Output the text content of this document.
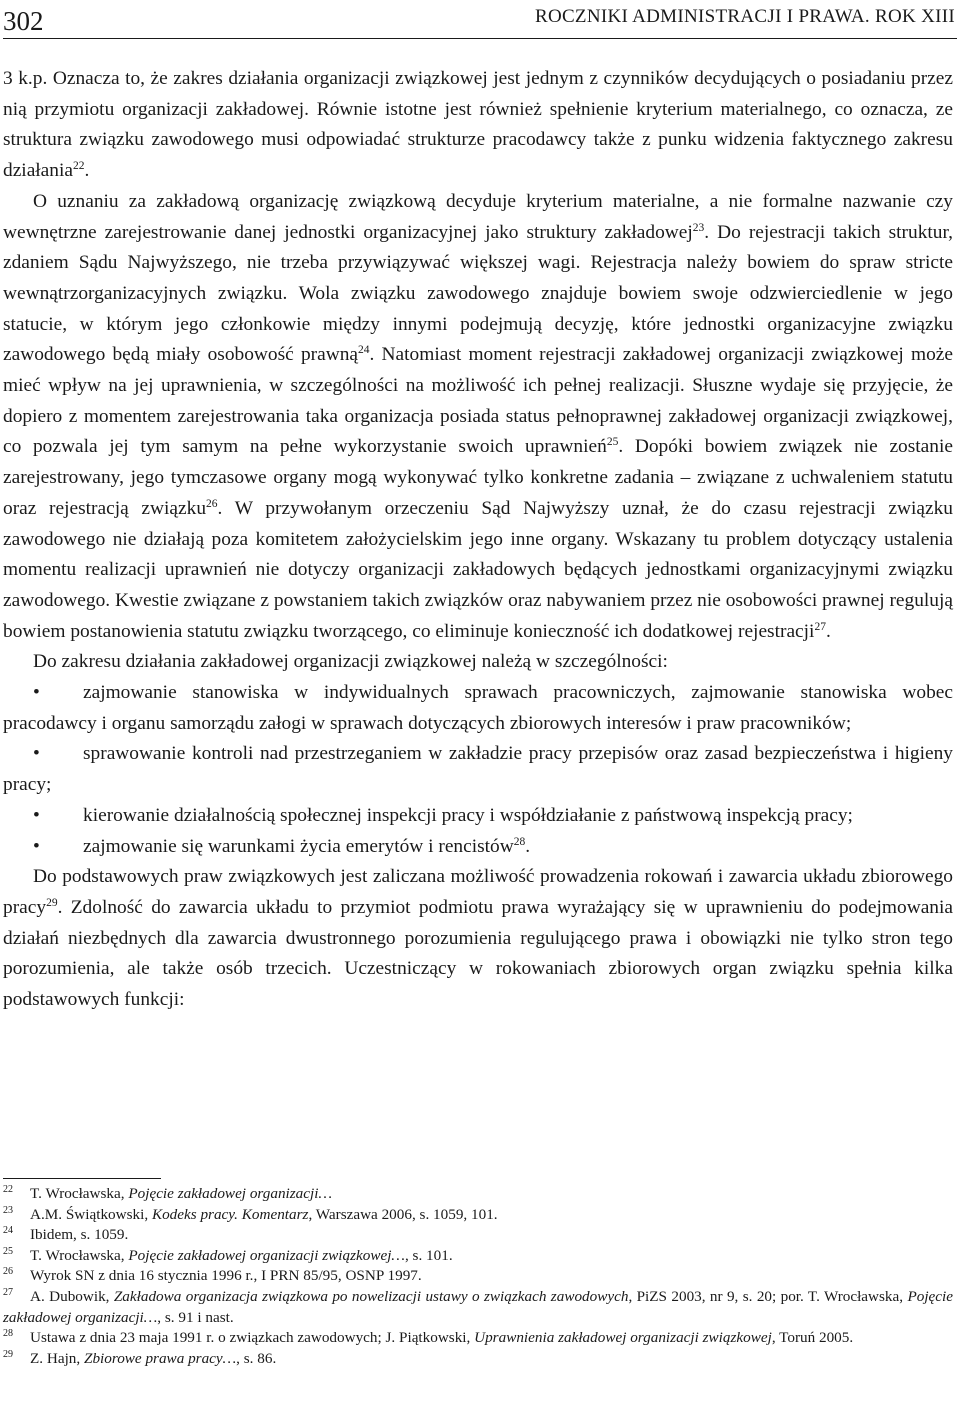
302	ROCZNIKI ADMINISTRACJI I PRAWA. ROK XIII

3 k.p. Oznacza to, że zakres działania organizacji związkowej jest jednym z czynników decydujących o posiadaniu przez nią przymiotu organizacji zakładowej. Równie istotne jest również spełnienie kryterium materialnego, co oznacza, ze struktura związku zawodowego musi odpowiadać strukturze pracodawcy także z punku widzenia faktycznego zakresu działania$^{22}$.

O uznaniu za zakładową organizację związkową decyduje kryterium materialne, a nie formalne nazwanie czy wewnętrzne zarejestrowanie danej jednostki organizacyjnej jako struktury zakładowej$^{23}$. Do rejestracji takich struktur, zdaniem Sądu Najwyższego, nie trzeba przywiązywać większej wagi. Rejestracja należy bowiem do spraw stricte wewnątrzorganizacyjnych związku. Wola związku zawodowego znajduje bowiem swoje odzwierciedlenie w jego statucie, w którym jego członkowie między innymi podejmują decyzję, które jednostki organizacyjne związku zawodowego będą miały osobowość prawną$^{24}$. Natomiast moment rejestracji zakładowej organizacji związkowej może mieć wpływ na jej uprawnienia, w szczególności na możliwość ich pełnej realizacji. Słuszne wydaje się przyjęcie, że dopiero z momentem zarejestrowania taka organizacja posiada status pełnoprawnej zakładowej organizacji związkowej, co pozwala jej tym samym na pełne wykorzystanie swoich uprawnień$^{25}$. Dopóki bowiem związek nie zostanie zarejestrowany, jego tymczasowe organy mogą wykonywać tylko konkretne zadania – związane z uchwaleniem statutu oraz rejestracją związku$^{26}$. W przywołanym orzeczeniu Sąd Najwyższy uznał, że do czasu rejestracji związku zawodowego nie działają poza komitetem założycielskim jego inne organy. Wskazany tu problem dotyczący ustalenia momentu realizacji uprawnień nie dotyczy organizacji zakładowych będących jednostkami organizacyjnymi związku zawodowego. Kwestie związane z powstaniem takich związków oraz nabywaniem przez nie osobowości prawnej regulują bowiem postanowienia statutu związku tworzącego, co eliminuje konieczność ich dodatkowej rejestracji$^{27}$.

Do zakresu działania zakładowej organizacji związkowej należą w szczególności:

• zajmowanie stanowiska w indywidualnych sprawach pracowniczych, zajmowanie stanowiska wobec pracodawcy i organu samorządu załogi w sprawach dotyczących zbiorowych interesów i praw pracowników;

• sprawowanie kontroli nad przestrzeganiem w zakładzie pracy przepisów oraz zasad bezpieczeństwa i higieny pracy;

• kierowanie działalnością społecznej inspekcji pracy i współdziałanie z państwową inspekcją pracy;

• zajmowanie się warunkami życia emerytów i rencistów$^{28}$.

Do podstawowych praw związkowych jest zaliczana możliwość prowadzenia rokowań i zawarcia układu zbiorowego pracy$^{29}$. Zdolność do zawarcia układu to przymiot podmiotu prawa wyrażający się w uprawnieniu do podejmowania działań niezbędnych dla zawarcia dwustronnego porozumienia regulującego prawa i obowiązki nie tylko stron tego porozumienia, ale także osób trzecich. Uczestniczący w rokowaniach zbiorowych organ związku spełnia kilka podstawowych funkcji:

22 T. Wrocławska, Pojęcie zakładowej organizacji…

23 A.M. Świątkowski, Kodeks pracy. Komentarz, Warszawa 2006, s. 1059, 101.

24 Ibidem, s. 1059.

25 T. Wrocławska, Pojęcie zakładowej organizacji związkowej…, s. 101.

26 Wyrok SN z dnia 16 stycznia 1996 r., I PRN 85/95, OSNP 1997.

27 A. Dubowik, Zakładowa organizacja związkowa po nowelizacji ustawy o związkach zawodowych, PiZS 2003, nr 9, s. 20; por. T. Wrocławska, Pojęcie zakładowej organizacji…, s. 91 i nast.

28 Ustawa z dnia 23 maja 1991 r. o związkach zawodowych; J. Piątkowski, Uprawnienia zakładowej organizacji związkowej, Toruń 2005.

29 Z. Hajn, Zbiorowe prawa pracy…, s. 86.
